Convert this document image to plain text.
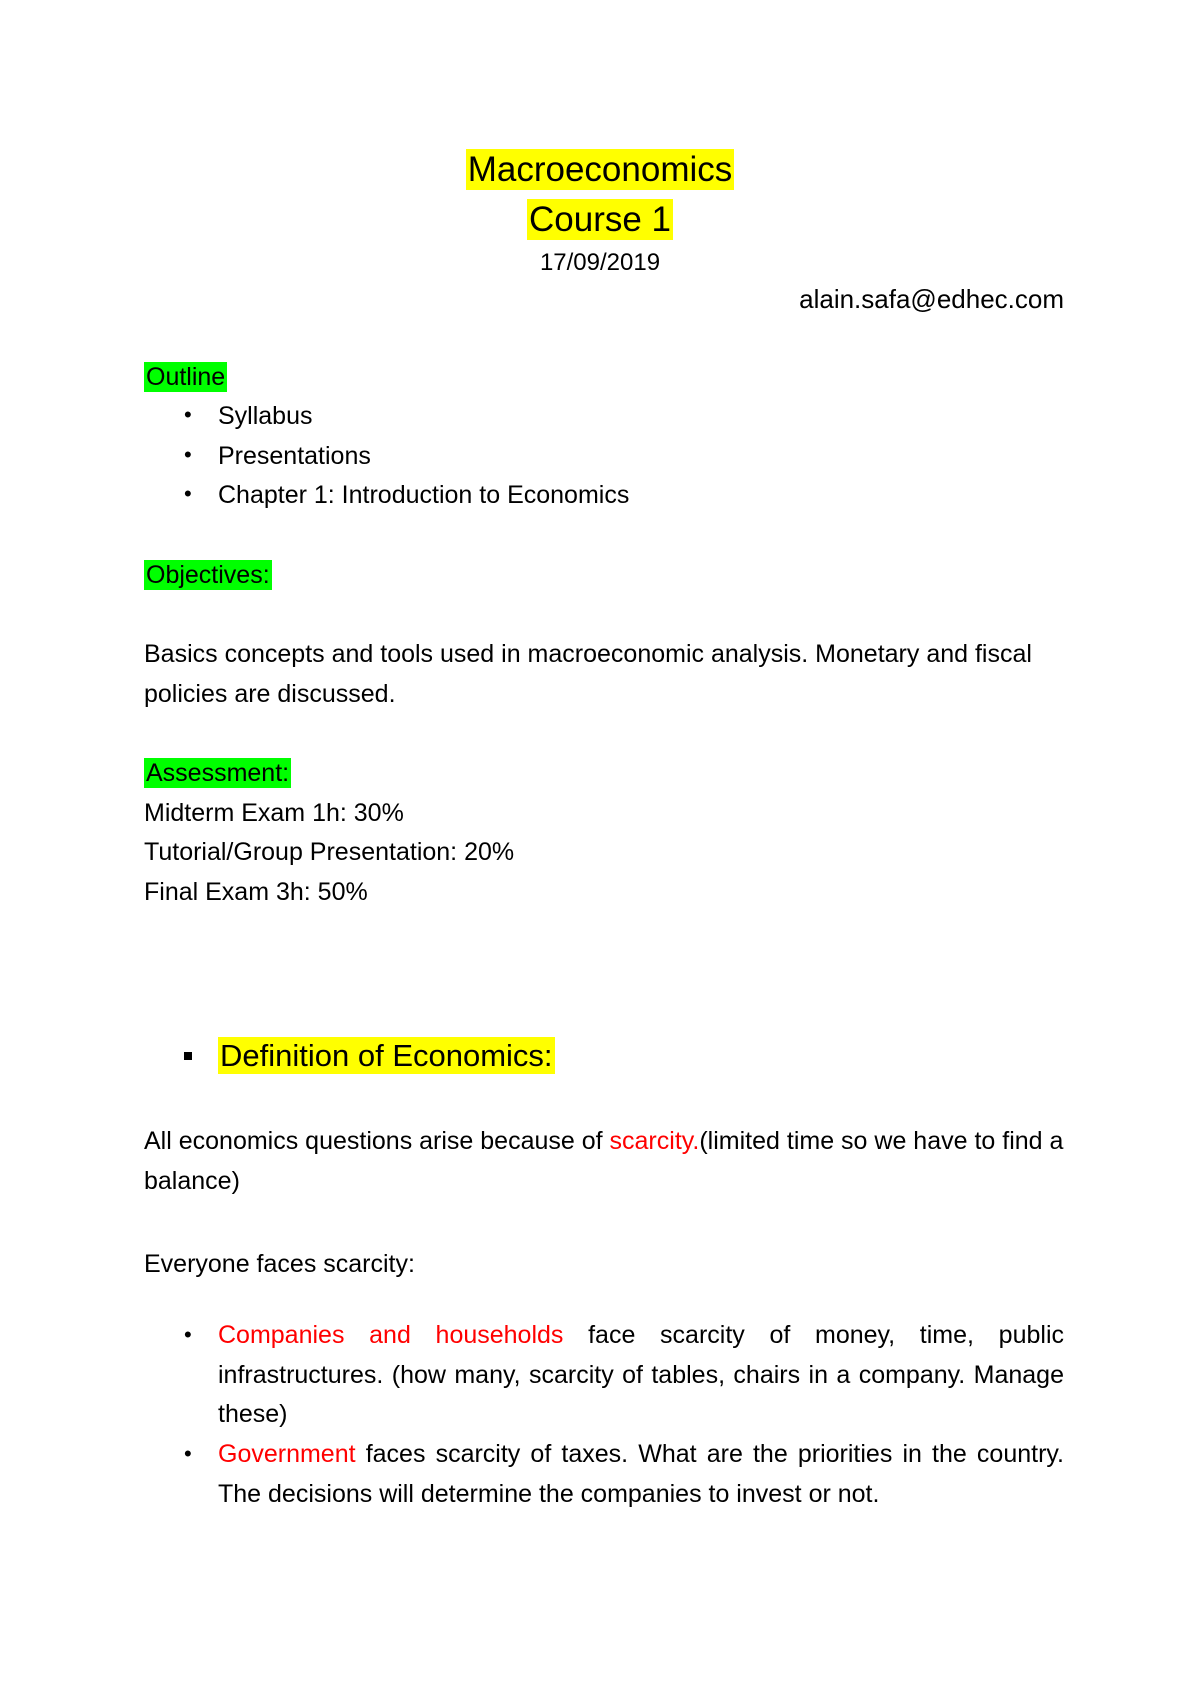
Macroeconomics
Course 1
17/09/2019
alain.safa@edhec.com
Outline
• Syllabus
• Presentations
• Chapter 1: Introduction to Economics
Objectives:
Basics concepts and tools used in macroeconomic analysis. Monetary and fiscal policies are discussed.
Assessment:
Midterm Exam 1h: 30%
Tutorial/Group Presentation: 20%
Final Exam 3h: 50%
Definition of Economics:
All economics questions arise because of scarcity.(limited time so we have to find a balance)
Everyone faces scarcity:
• Companies and households face scarcity of money, time, public infrastructures. (how many, scarcity of tables, chairs in a company. Manage these)
• Government faces scarcity of taxes. What are the priorities in the country. The decisions will determine the companies to invest or not.
